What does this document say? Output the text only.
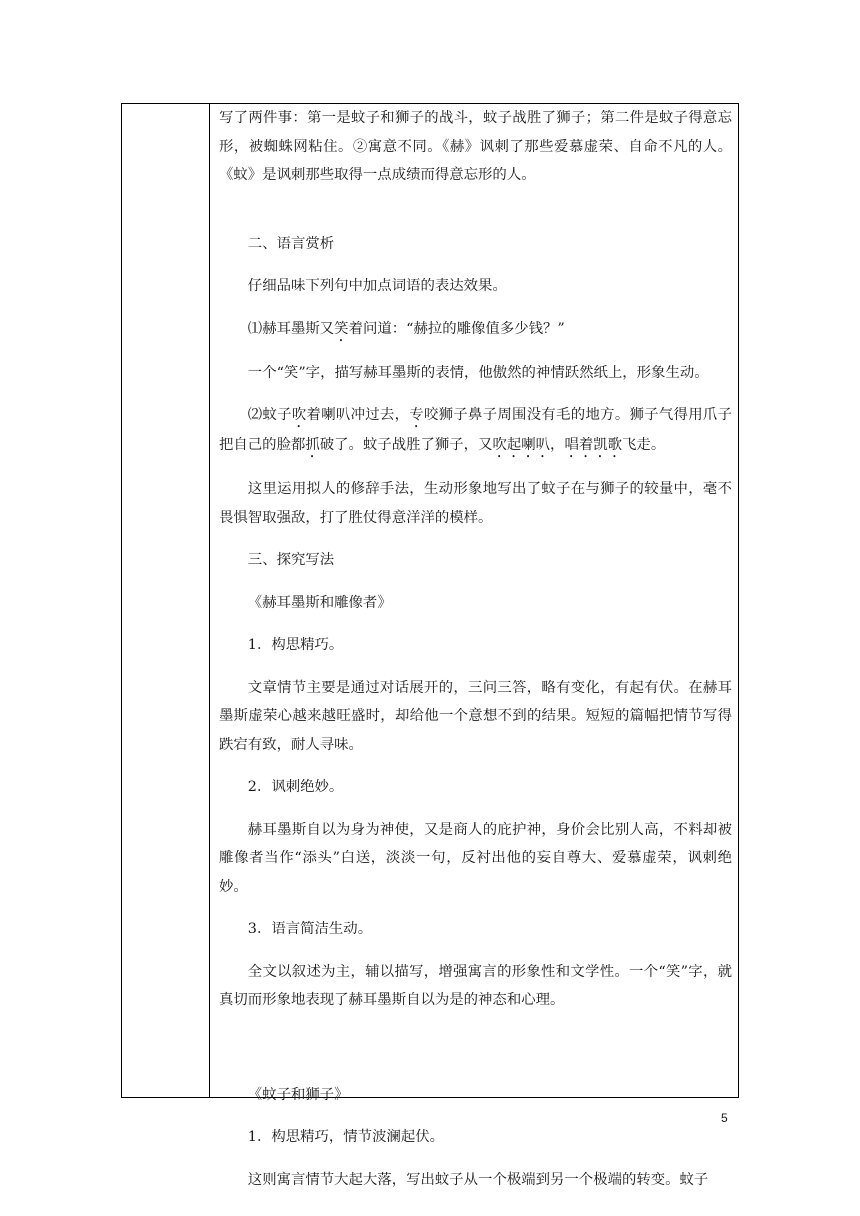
写了两件事：第一是蚊子和狮子的战斗，蚊子战胜了狮子；第二件是蚊子得意忘形，被蜘蛛网粘住。②寓意不同。《赫》讽刺了那些爱慕虚荣、自命不凡的人。《蚊》是讽刺那些取得一点成绩而得意忘形的人。

二、语言赏析

仔细品味下列句中加点词语的表达效果。

⑴赫耳墨斯又笑着问道：“赫拉的雕像值多少钱？”

一个“笑”字，描写赫耳墨斯的表情，他傲然的神情跃然纸上，形象生动。

⑵蚊子吹着喇叭冲过去，专咬狮子鼻子周围没有毛的地方。狮子气得用爪子把自己的脸都抓破了。蚊子战胜了狮子，又吹起喇叭，唱着凯歌飞走。

这里运用拟人的修辞手法，生动形象地写出了蚊子在与狮子的较量中，毫不畏惧智取强敌，打了胜仗得意洋洋的模样。

三、探究写法

《赫耳墨斯和雕像者》

1．构思精巧。

文章情节主要是通过对话展开的，三问三答，略有变化，有起有伏。在赫耳墨斯虚荣心越来越旺盛时，却给他一个意想不到的结果。短短的篇幅把情节写得跌宕有致，耐人寻味。

2．讽刺绝妙。

赫耳墨斯自以为身为神使，又是商人的庇护神，身价会比别人高，不料却被雕像者当作“添头”白送，淡淡一句，反衬出他的妄自尊大、爱慕虚荣，讽刺绝妙。

3．语言简洁生动。

全文以叙述为主，辅以描写，增强寓言的形象性和文学性。一个“笑”字，就真切而形象地表现了赫耳墨斯自以为是的神态和心理。

《蚊子和狮子》

1．构思精巧，情节波澜起伏。

这则寓言情节大起大落，写出蚊子从一个极端到另一个极端的转变。蚊子

5
